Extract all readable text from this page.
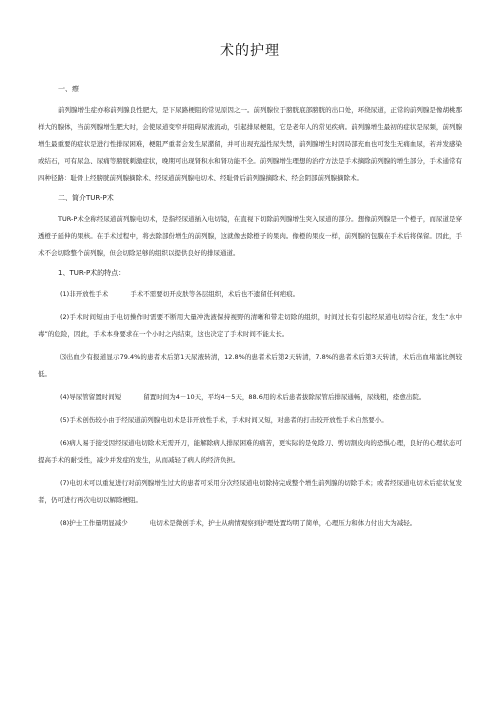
术的护理
一、瘵

前列腺增生症亦称前列腺良性肥大，是下尿路梗阻的常见原因之一。前列腺位于膀胱底部膀胱的出口处，环绕尿道，正常的前列腺是像胡桃那样大的腺体，当前列腺增生肥大时，会使尿道变窄并阻碍尿液流动，引起排尿梗阻，它是老年人的常见疾病。前列腺增生最初的症状是尿频，前列腺增生最重要的症状是进行性排尿困难，梗阻严重者会发生尿潴留，并可出现充溢性尿失禁，前列腺增生时因局部充血也可发生无痛血尿，若并发感染或结石，可有尿急、尿痛等膀胱刺激症状，晚期可出现肾积水和肾功能不全。前列腺增生理想的治疗方法是手术摘除前列腺的增生部分，手术通常有四种径路：耻骨上经膀胱前列腺摘除术、经尿道前列腺电切术、经耻骨后前列腺摘除术、经会阴部前列腺摘除术。

二、简介TUR-P术

TUR-P术全称经尿道前列腺电切术，是指经尿道插入电切镜，在直视下切除前列腺增生突入尿道的部分。想像前列腺是一个橙子，而尿道是穿透橙子延伸的果核。在手术过程中，将去除部份增生的前列腺，这就像去除橙子的果肉。像橙的果皮一样，前列腺的包膜在手术后将保留。因此，手术不会切除整个前列腺，但会切除足够的组织以提供良好的排尿通道。

1、TUR-P术的特点：

(1)非开放性手术	手术不需要切开皮肤等各层组织，术后也不遗留任何疤痕。

(2)手术时间短由于电切操作时需要不断用大量冲洗液保持视野的清晰和带走切除的组织，时间过长有引起经尿道电切综合征，发生“水中毒”的危险，因此，手术本身要求在一个小时之内结束，这也决定了手术时间不能太长。

⑶出血少有报道显示79.4%的患者术后第1天尿液转清，12.8%的患者术后第2天转清，7.8%的患者术后第3天转清，术后出血堵塞比例较低。

(4)导尿管留置时间短	留置时间为4－10天，平均4－5天，88.6用的术后患者拔除尿管后排尿通畅，尿线粗，痊愈出院。

(5)手术创伤较小由于经尿道前列腺电切术是非开放性手术，手术时间又短，对患者的打击较开放性手术自然要小。

(6)病人易于接受因经尿道电切除术无需开刀，能解除病人排尿困难的痛苦，更实际的是免除刀、剪切割皮肉的恐惧心理，良好的心理状态可提高手术的耐受性，减少并发症的发生，从而减轻了病人的经济负担。

(7)电切术可以重复进行对前列腺增生过大的患者可采用分次经尿道电切除持完成整个增生前列腺的切除手术；或者经尿道电切术后症状复发者，仍可进行再次电切以解除梗阻。

(8)护士工作量明显减少	电切术是微创手术，护士从病情观察到护理处置均明了简单，心理压力和体力付出大为减轻。
